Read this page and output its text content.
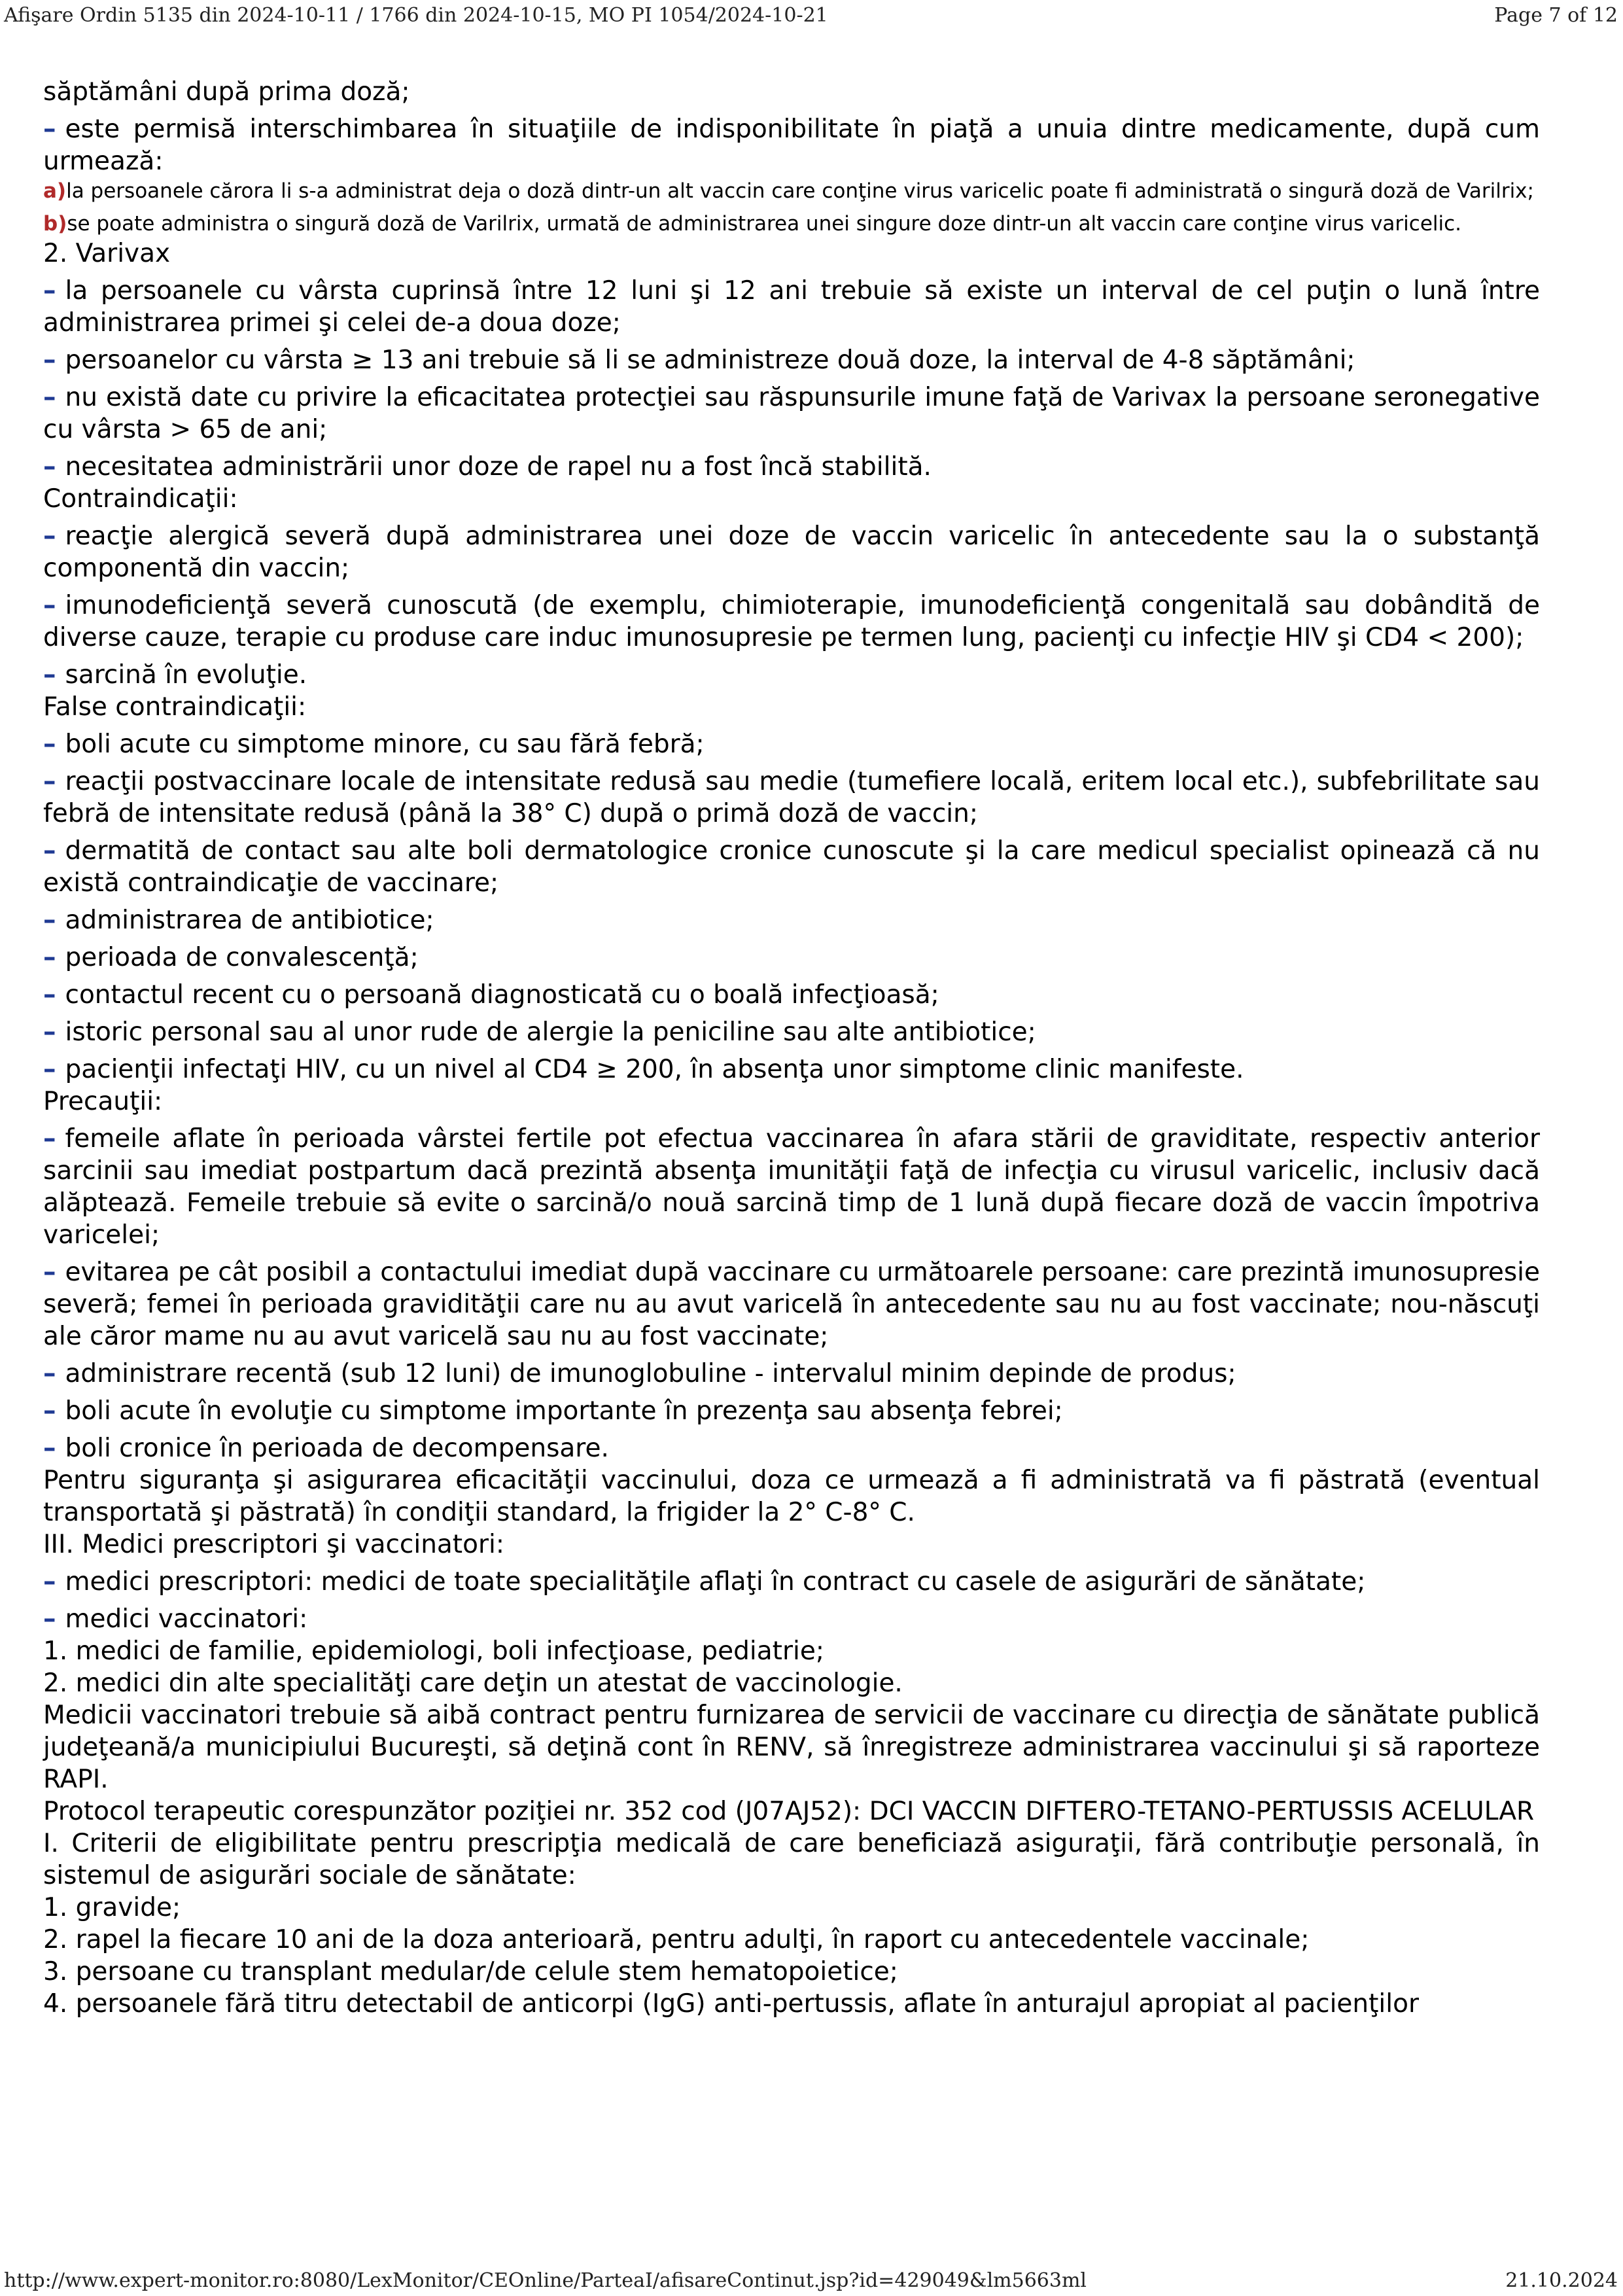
Afişare Ordin 5135 din 2024-10-11 / 1766 din 2024-10-15, MO PI 1054/2024-10-21	Page 7 of 12

săptămâni după prima doză;

– este permisă interschimbarea în situaţiile de indisponibilitate în piaţă a unuia dintre medicamente, după cum urmează:

a)la persoanele cărora li s-a administrat deja o doză dintr-un alt vaccin care conţine virus varicelic poate fi administrată o singură doză de Varilrix;

b)se poate administra o singură doză de Varilrix, urmată de administrarea unei singure doze dintr-un alt vaccin care conţine virus varicelic.

2. Varivax

– la persoanele cu vârsta cuprinsă între 12 luni şi 12 ani trebuie să existe un interval de cel puţin o lună între administrarea primei şi celei de-a doua doze;

– persoanelor cu vârsta ≥ 13 ani trebuie să li se administreze două doze, la interval de 4-8 săptămâni;

– nu există date cu privire la eficacitatea protecţiei sau răspunsurile imune faţă de Varivax la persoane seronegative cu vârsta > 65 de ani;

– necesitatea administrării unor doze de rapel nu a fost încă stabilită.

Contraindicaţii:

– reacţie alergică severă după administrarea unei doze de vaccin varicelic în antecedente sau la o substanţă componentă din vaccin;

– imunodeficienţă severă cunoscută (de exemplu, chimioterapie, imunodeficienţă congenitală sau dobândită de diverse cauze, terapie cu produse care induc imunosupresie pe termen lung, pacienţi cu infecţie HIV şi CD4 < 200);

– sarcină în evoluţie.

False contraindicaţii:

– boli acute cu simptome minore, cu sau fără febră;

– reacţii postvaccinare locale de intensitate redusă sau medie (tumefiere locală, eritem local etc.), subfebrilitate sau febră de intensitate redusă (până la 38° C) după o primă doză de vaccin;

– dermatită de contact sau alte boli dermatologice cronice cunoscute şi la care medicul specialist opinează că nu există contraindicaţie de vaccinare;

– administrarea de antibiotice;

– perioada de convalescenţă;

– contactul recent cu o persoană diagnosticată cu o boală infecţioasă;

– istoric personal sau al unor rude de alergie la peniciline sau alte antibiotice;

– pacienţii infectaţi HIV, cu un nivel al CD4 ≥ 200, în absenţa unor simptome clinic manifeste.

Precauţii:

– femeile aflate în perioada vârstei fertile pot efectua vaccinarea în afara stării de graviditate, respectiv anterior sarcinii sau imediat postpartum dacă prezintă absenţa imunităţii faţă de infecţia cu virusul varicelic, inclusiv dacă alăptează. Femeile trebuie să evite o sarcină/o nouă sarcină timp de 1 lună după fiecare doză de vaccin împotriva varicelei;

– evitarea pe cât posibil a contactului imediat după vaccinare cu următoarele persoane: care prezintă imunosupresie severă; femei în perioada gravidităţii care nu au avut varicelă în antecedente sau nu au fost vaccinate; nou-născuţi ale căror mame nu au avut varicelă sau nu au fost vaccinate;

– administrare recentă (sub 12 luni) de imunoglobuline - intervalul minim depinde de produs;

– boli acute în evoluţie cu simptome importante în prezenţa sau absenţa febrei;

– boli cronice în perioada de decompensare.

Pentru siguranţa şi asigurarea eficacităţii vaccinului, doza ce urmează a fi administrată va fi păstrată (eventual transportată şi păstrată) în condiţii standard, la frigider la 2° C-8° C.

III. Medici prescriptori şi vaccinatori:

– medici prescriptori: medici de toate specialităţile aflaţi în contract cu casele de asigurări de sănătate;

– medici vaccinatori:

1. medici de familie, epidemiologi, boli infecţioase, pediatrie;

2. medici din alte specialităţi care deţin un atestat de vaccinologie.

Medicii vaccinatori trebuie să aibă contract pentru furnizarea de servicii de vaccinare cu direcţia de sănătate publică judeţeană/a municipiului Bucureşti, să deţină cont în RENV, să înregistreze administrarea vaccinului şi să raporteze RAPI.

Protocol terapeutic corespunzător poziţiei nr. 352 cod (J07AJ52): DCI VACCIN DIFTERO-TETANO-PERTUSSIS ACELULAR

I. Criterii de eligibilitate pentru prescripţia medicală de care beneficiază asiguraţii, fără contribuţie personală, în sistemul de asigurări sociale de sănătate:

1. gravide;

2. rapel la fiecare 10 ani de la doza anterioară, pentru adulţi, în raport cu antecedentele vaccinale;

3. persoane cu transplant medular/de celule stem hematopoietice;

4. persoanele fără titru detectabil de anticorpi (IgG) anti-pertussis, aflate în anturajul apropiat al pacienţilor

http://www.expert-monitor.ro:8080/LexMonitor/CEOnline/ParteaI/afisareContinut.jsp?id=429049&lm5663ml	21.10.2024
